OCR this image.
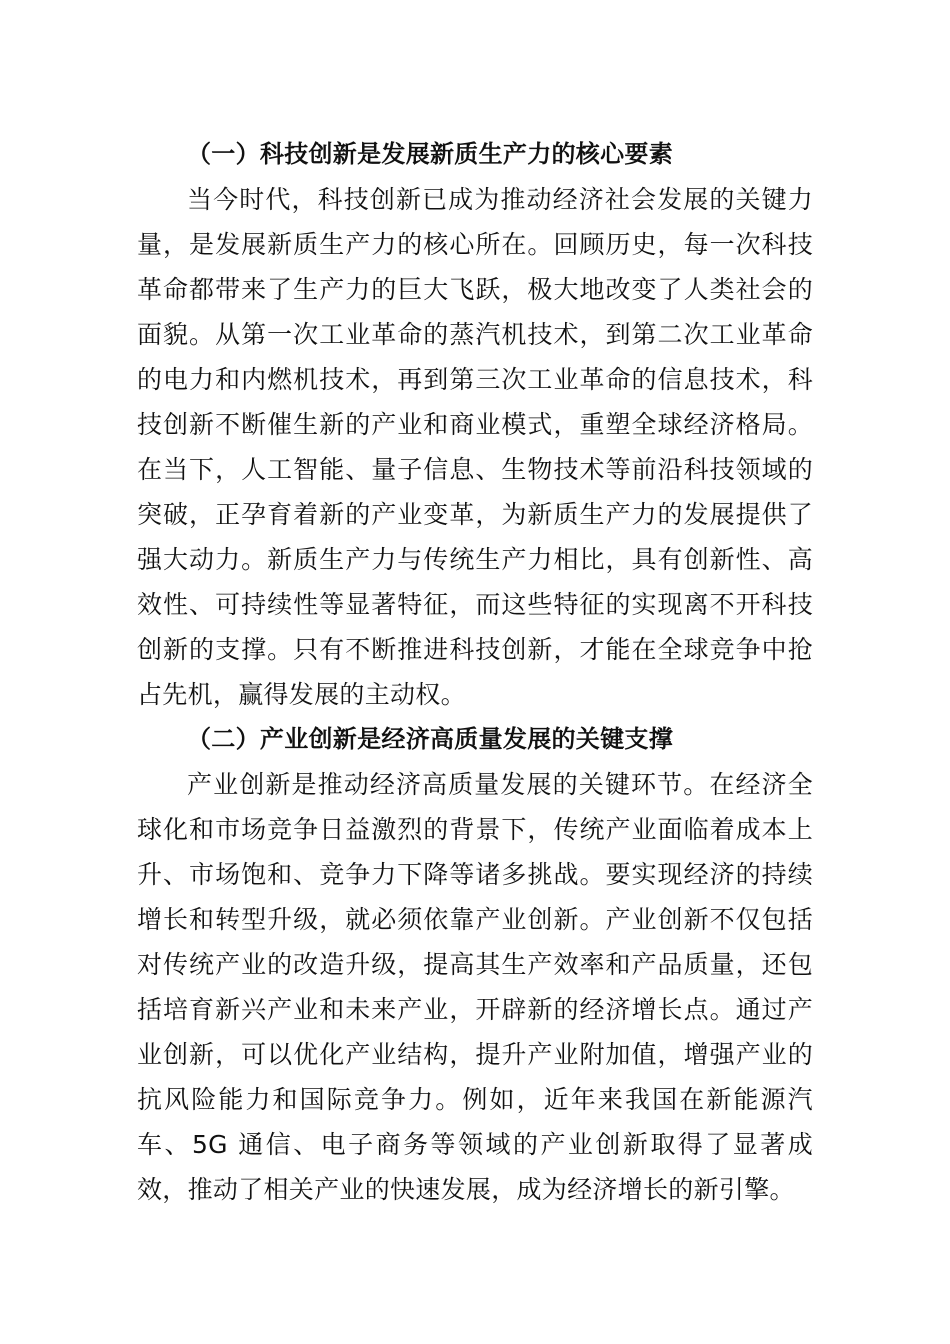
（一）科技创新是发展新质生产力的核心要素

当今时代，科技创新已成为推动经济社会发展的关键力量，是发展新质生产力的核心所在。回顾历史，每一次科技革命都带来了生产力的巨大飞跃，极大地改变了人类社会的面貌。从第一次工业革命的蒸汽机技术，到第二次工业革命的电力和内燃机技术，再到第三次工业革命的信息技术，科技创新不断催生新的产业和商业模式，重塑全球经济格局。在当下，人工智能、量子信息、生物技术等前沿科技领域的突破，正孕育着新的产业变革，为新质生产力的发展提供了强大动力。新质生产力与传统生产力相比，具有创新性、高效性、可持续性等显著特征，而这些特征的实现离不开科技创新的支撑。只有不断推进科技创新，才能在全球竞争中抢占先机，赢得发展的主动权。

（二）产业创新是经济高质量发展的关键支撑

产业创新是推动经济高质量发展的关键环节。在经济全球化和市场竞争日益激烈的背景下，传统产业面临着成本上升、市场饱和、竞争力下降等诸多挑战。要实现经济的持续增长和转型升级，就必须依靠产业创新。产业创新不仅包括对传统产业的改造升级，提高其生产效率和产品质量，还包括培育新兴产业和未来产业，开辟新的经济增长点。通过产业创新，可以优化产业结构，提升产业附加值，增强产业的抗风险能力和国际竞争力。例如，近年来我国在新能源汽车、5G 通信、电子商务等领域的产业创新取得了显著成效，推动了相关产业的快速发展，成为经济增长的新引擎。
